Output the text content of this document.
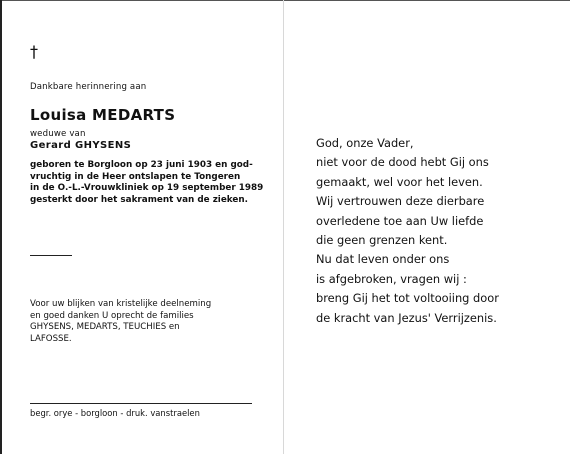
†
Dankbare herinnering aan
Louisa MEDARTS
weduwe van
Gerard GHYSENS
geboren te Borgloon op 23 juni 1903 en god-
vruchtig in de Heer ontslapen te Tongeren
in de O.-L.-Vrouwkliniek op 19 september 1989
gesterkt door het sakrament van de zieken.
Voor uw blijken van kristelijke deelneming
en goed danken U oprecht de families
GHYSENS, MEDARTS, TEUCHIES en
LAFOSSE.
begr. orye - borgloon - druk. vanstraelen
God, onze Vader,
niet voor de dood hebt Gij ons
gemaakt, wel voor het leven.
Wij vertrouwen deze dierbare
overledene toe aan Uw liefde
die geen grenzen kent.
Nu dat leven onder ons
is afgebroken, vragen wij :
breng Gij het tot voltooiing door
de kracht van Jezus' Verrijzenis.
